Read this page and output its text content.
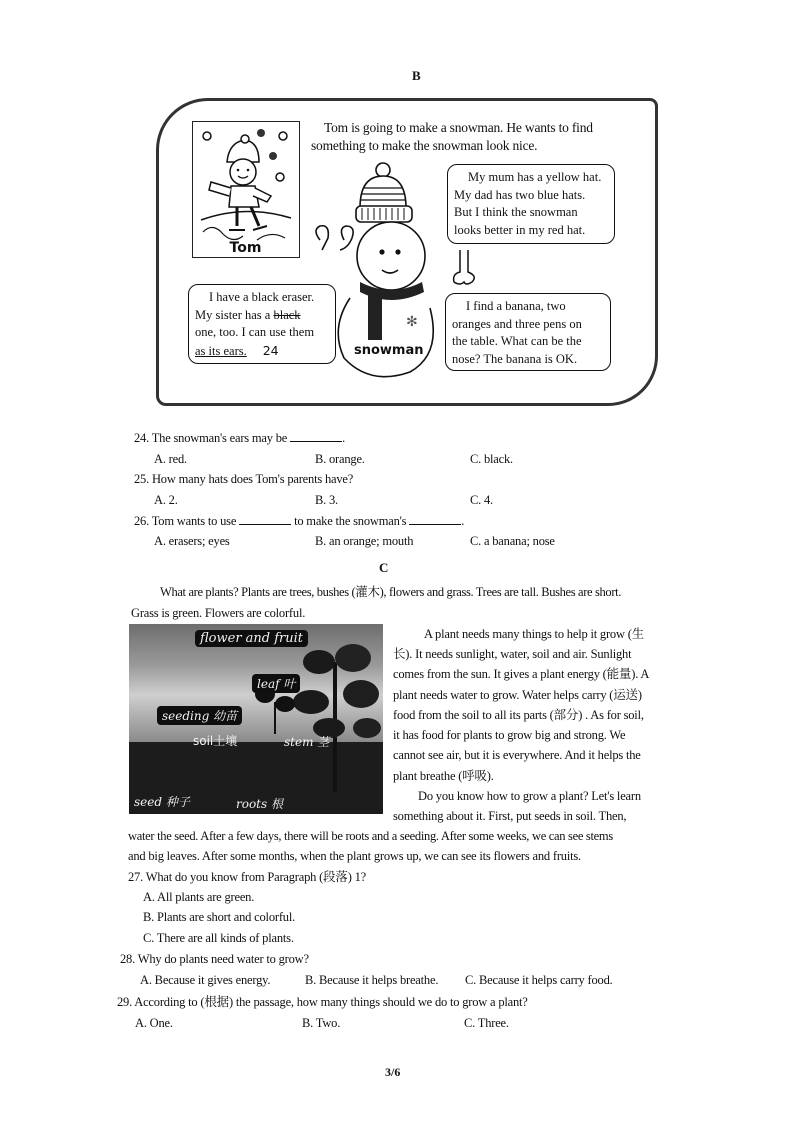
B
Tom
Tom is going to make a snowman. He wants to find
something to make the snowman look nice.
✻
snowman
My mum has a yellow hat.
My dad has two blue hats.
But I think the snowman
looks better in my red hat.
I have a black eraser.
My sister has a black
one, too. I can use them
as its ears. 24
I find a banana, two
oranges and three pens on
the table. What can be the
nose? The banana is OK.
24. The snowman's ears may be	.
A. red.	B. orange.	C. black.
25. How many hats does Tom's parents have?
A. 2.	B. 3.	C. 4.
26. Tom wants to use	to make the snowman's	.
A. erasers; eyes	B. an orange; mouth	C. a banana; nose
C
What are plants? Plants are trees, bushes (灌木), flowers and grass. Trees are tall. Bushes are short.
Grass is green. Flowers are colorful.
flower and fruit
leaf 叶
seeding 幼苗
soil土壤	stem 茎
seed 种子	roots 根
A plant needs many things to help it grow (生
长). It needs sunlight, water, soil and air. Sunlight
comes from the sun. It gives a plant energy (能量). A
plant needs water to grow. Water helps carry (运送)
food from the soil to all its parts (部分) . As for soil,
it has food for plants to grow big and strong. We
cannot see air, but it is everywhere. And it helps the
plant breathe (呼吸).
Do you know how to grow a plant? Let's learn
something about it. First, put seeds in soil. Then,
water the seed. After a few days, there will be roots and a seeding. After some weeks, we can see stems
and big leaves. After some months, when the plant grows up, we can see its flowers and fruits.
27. What do you know from Paragraph (段落) 1?
A. All plants are green.
B. Plants are short and colorful.
C. There are all kinds of plants.
28. Why do plants need water to grow?
A. Because it gives energy.	B. Because it helps breathe. C. Because it helps carry food.
29. According to (根据) the passage, how many things should we do to grow a plant?
A. One.	B. Two.	C. Three.
3/6
